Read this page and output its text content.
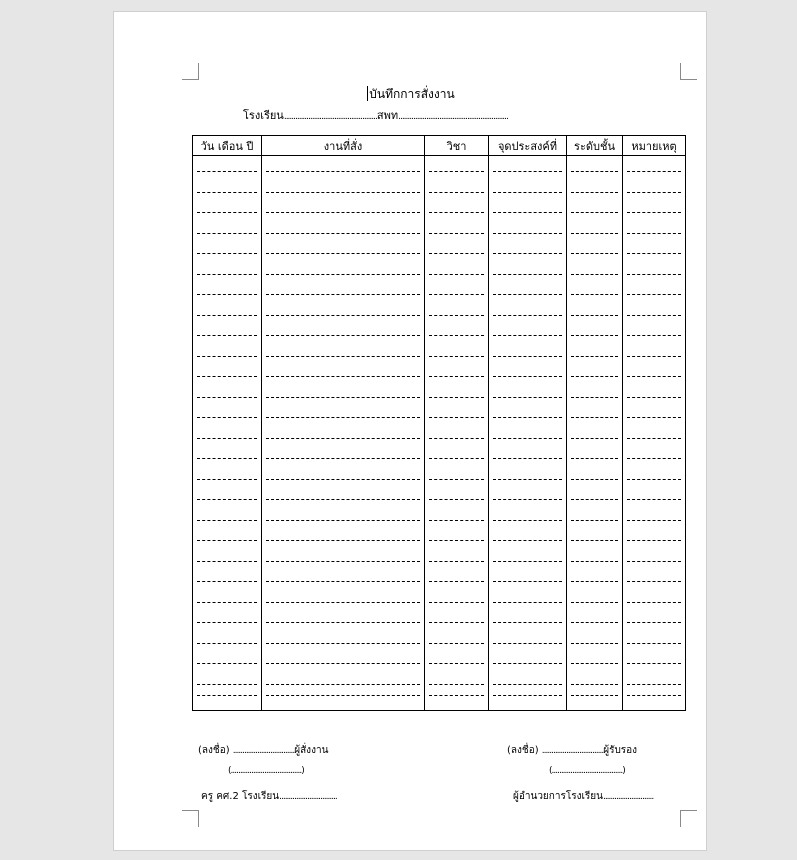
บันทึกการสั่งงาน
โรงเรียน..................................................สพท...........................................................
วัน เดือน ปี	งานที่สั่ง	วิชา	จุดประสงค์ที่	ระดับชั้น	หมายเหตุ

(ลงชื่อ) .................................ผู้สั่งงาน
(......................................)
ครู คศ.2 โรงเรียน...............................
(ลงชื่อ) .................................ผู้รับรอง
(......................................)
ผู้อำนวยการโรงเรียน...........................
